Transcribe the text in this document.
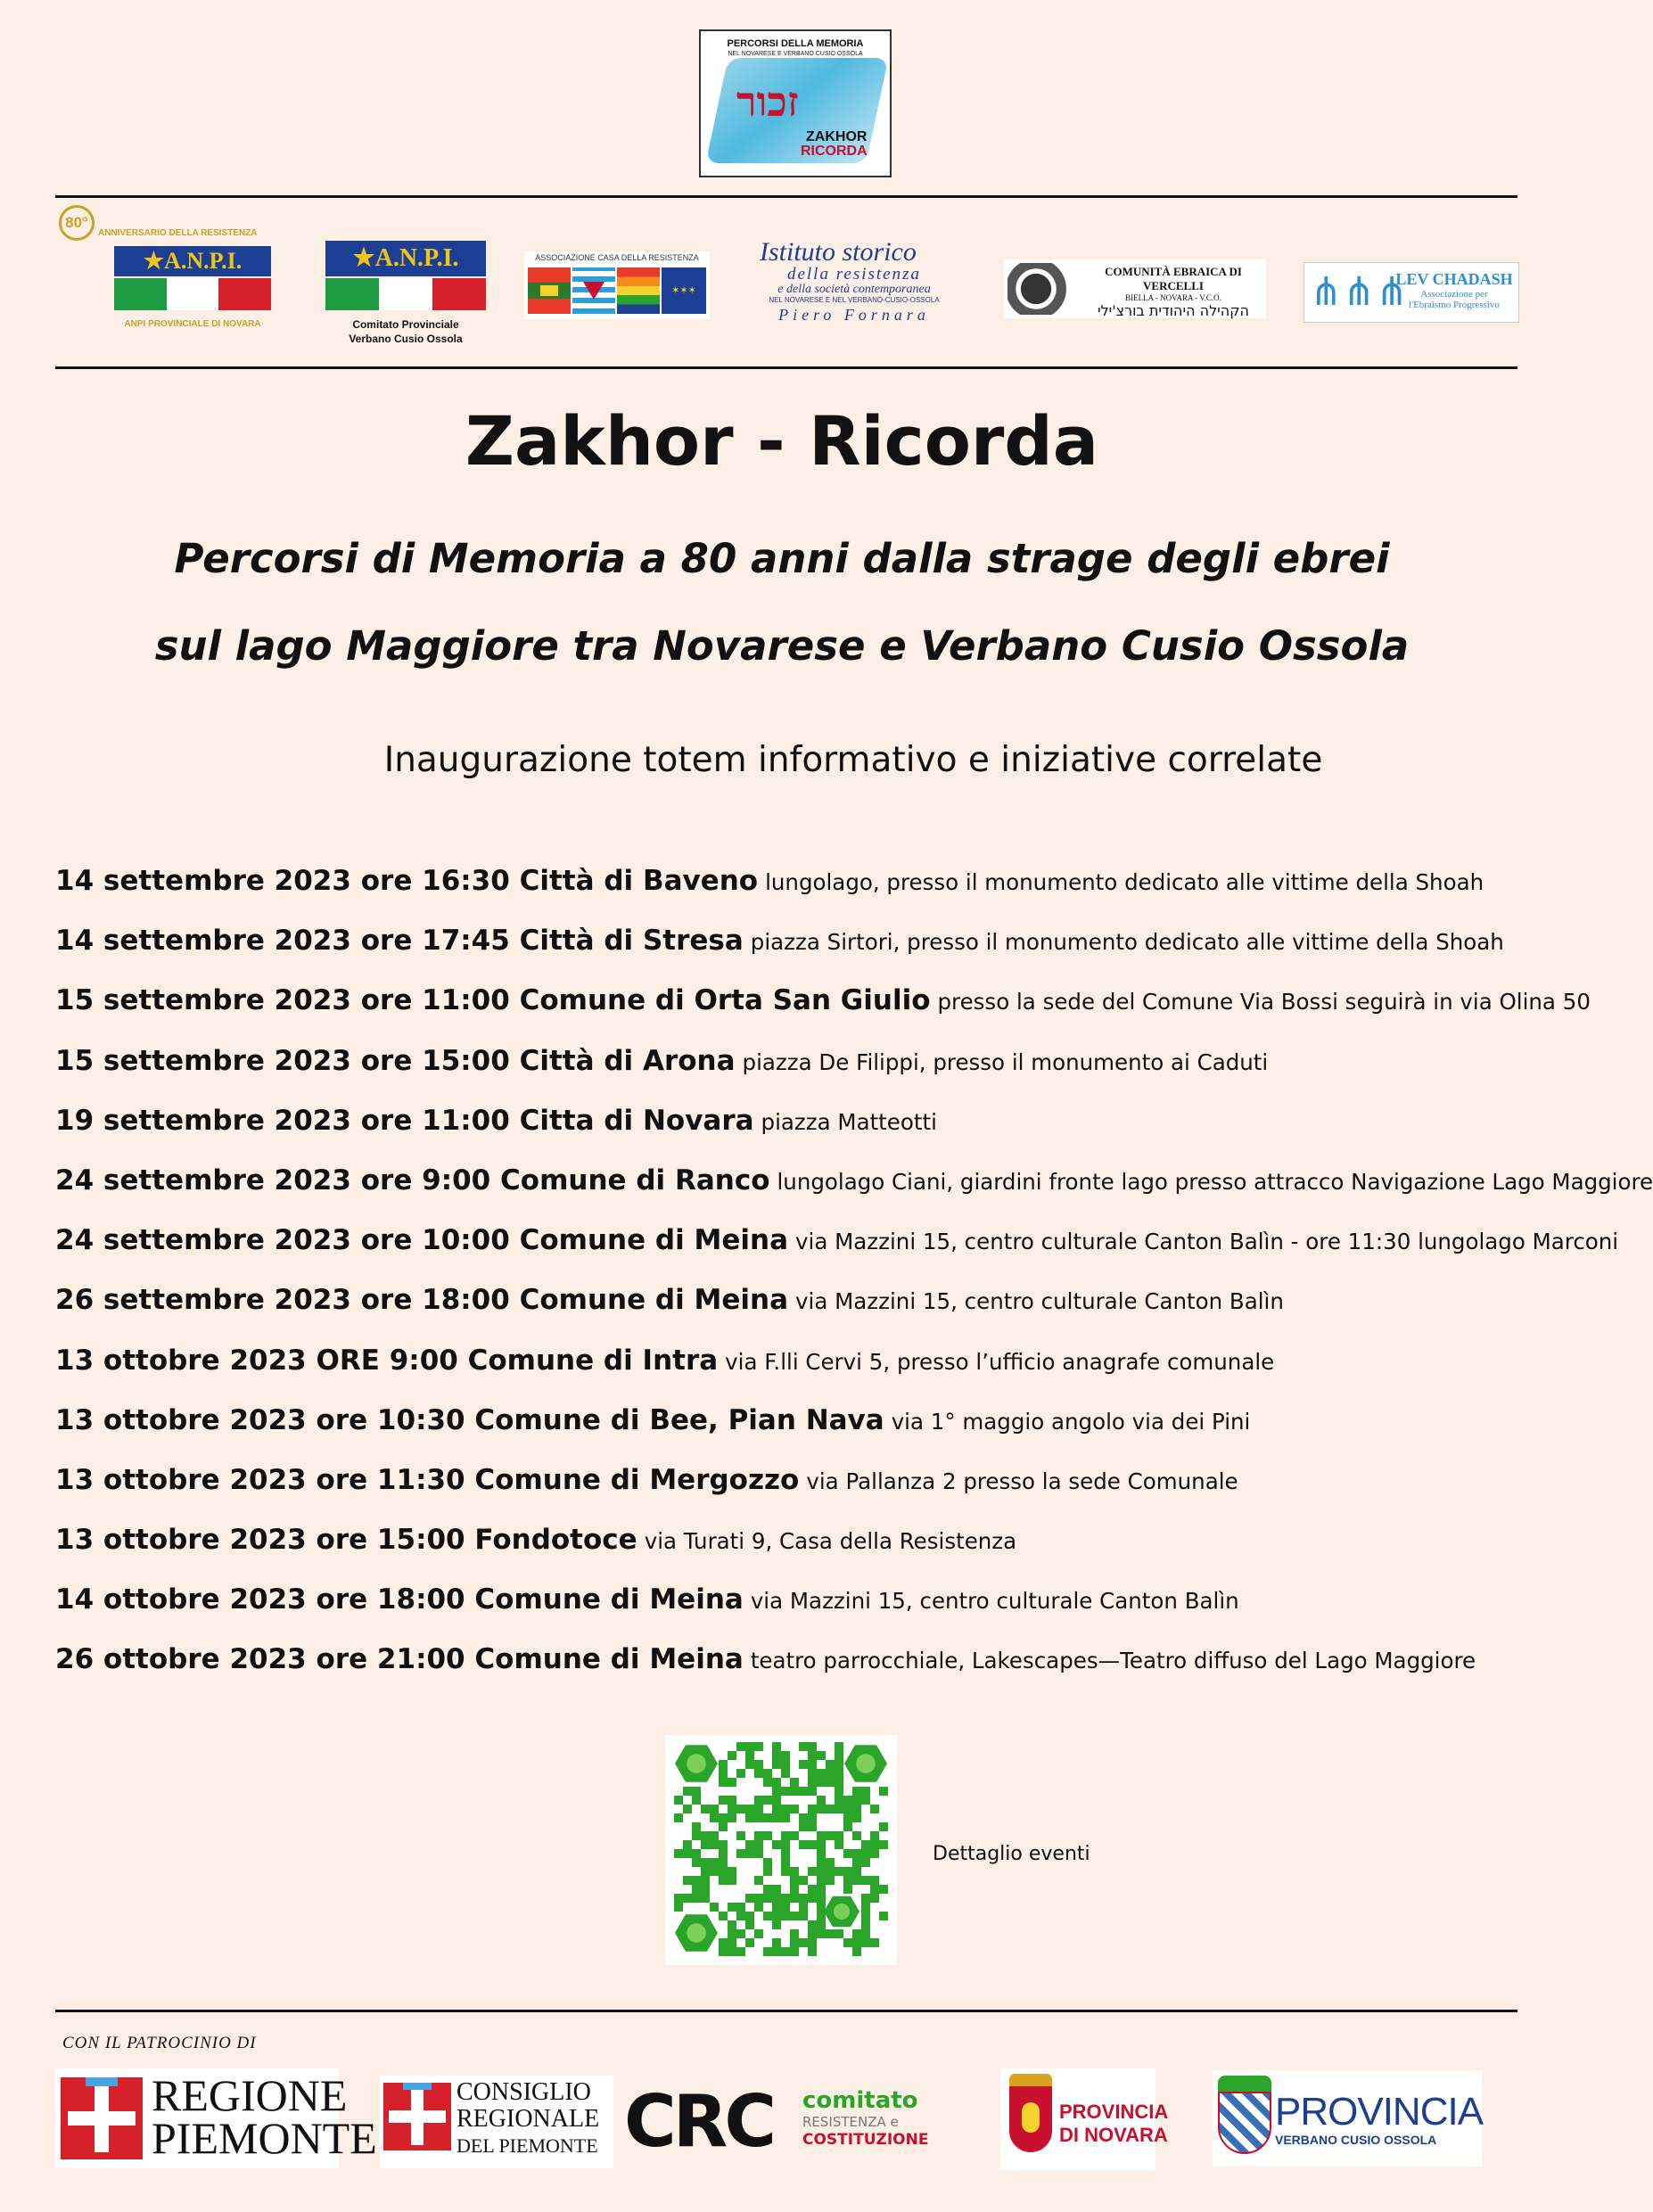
PERCORSI DELLA MEMORIA
NEL NOVARESE E VERBANO CUSIO OSSOLA
זכור
ZAKHOR
RICORDA
80°
ANNIVERSARIO DELLA RESISTENZA
★A.N.P.I.
ANPI PROVINCIALE DI NOVARA
★A.N.P.I.
Comitato Provinciale
Verbano Cusio Ossola
ASSOCIAZIONE CASA DELLA RESISTENZA
✶✶✶
Istituto storico
della resistenza
e della società contemporanea
NEL NOVARESE E NEL VERBANO-CUSIO-OSSOLA
Piero Fornara
COMUNITÀ EBRAICA DI VERCELLI
BIELLA - NOVARA - V.C.O.
הקהילה היהודית בורצ'ילי	⋔⋔⋔
LEV CHADASH
Associazione per
l'Ebraismo Progressivo
Zakhor - Ricorda
Percorsi di Memoria a 80 anni dalla strage degli ebrei
sul lago Maggiore tra Novarese e Verbano Cusio Ossola
Inaugurazione totem informativo e iniziative correlate
14 settembre 2023 ore 16:30 Città di Baveno lungolago, presso il monumento dedicato alle vittime della Shoah
14 settembre 2023 ore 17:45 Città di Stresa piazza Sirtori, presso il monumento dedicato alle vittime della Shoah
15 settembre 2023 ore 11:00 Comune di Orta San Giulio presso la sede del Comune Via Bossi seguirà in via Olina 50
15 settembre 2023 ore 15:00 Città di Arona piazza De Filippi, presso il monumento ai Caduti
19 settembre 2023 ore 11:00 Citta di Novara piazza Matteotti
24 settembre 2023 ore 9:00 Comune di Ranco lungolago Ciani, giardini fronte lago presso attracco Navigazione Lago Maggiore
24 settembre 2023 ore 10:00 Comune di Meina via Mazzini 15, centro culturale Canton Balìn - ore 11:30 lungolago Marconi
26 settembre 2023 ore 18:00 Comune di Meina via Mazzini 15, centro culturale Canton Balìn
13 ottobre 2023 ORE 9:00 Comune di Intra via F.lli Cervi 5, presso l’ufficio anagrafe comunale
13 ottobre 2023 ore 10:30 Comune di Bee, Pian Nava via 1° maggio angolo via dei Pini
13 ottobre 2023 ore 11:30 Comune di Mergozzo via Pallanza 2 presso la sede Comunale
13 ottobre 2023 ore 15:00 Fondotoce via Turati 9, Casa della Resistenza
14 ottobre 2023 ore 18:00 Comune di Meina via Mazzini 15, centro culturale Canton Balìn
26 ottobre 2023 ore 21:00 Comune di Meina teatro parrocchiale, Lakescapes—Teatro diffuso del Lago Maggiore
Dettaglio eventi
CON IL PATROCINIO DI
REGIONE
PIEMONTE
CONSIGLIO
REGIONALE
DEL PIEMONTE CRC comitato
RESISTENZA e
COSTITUZIONE
PROVINCIA
DI NOVARA
PROVINCIA
VERBANO CUSIO OSSOLA
